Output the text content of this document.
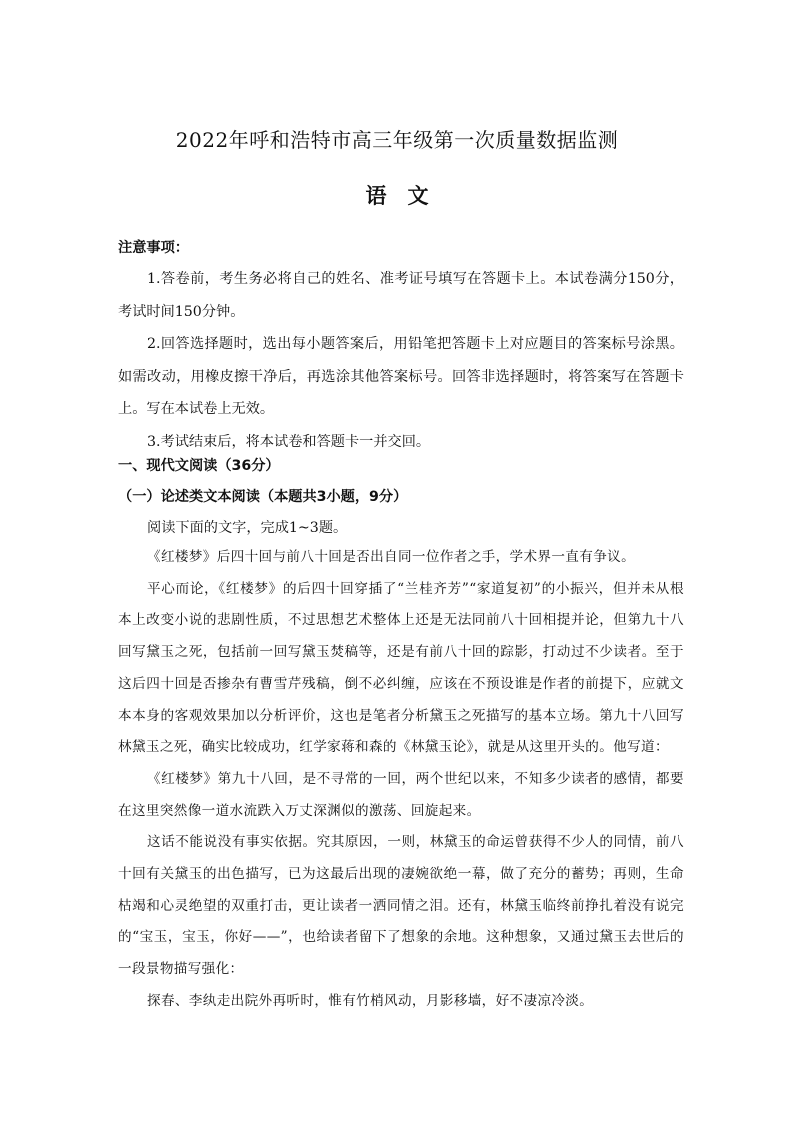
2022年呼和浩特市高三年级第一次质量数据监测
语　文
注意事项：

1.答卷前，考生务必将自己的姓名、准考证号填写在答题卡上。本试卷满分150分，考试时间150分钟。

2.回答选择题时，选出每小题答案后，用铅笔把答题卡上对应题目的答案标号涂黑。如需改动，用橡皮擦干净后，再选涂其他答案标号。回答非选择题时，将答案写在答题卡上。写在本试卷上无效。

3.考试结束后，将本试卷和答题卡一并交回。

一、现代文阅读（36分）
（一）论述类文本阅读（本题共3小题，9分）
阅读下面的文字，完成1~3题。

《红楼梦》后四十回与前八十回是否出自同一位作者之手，学术界一直有争议。

平心而论，《红楼梦》的后四十回穿插了“兰桂齐芳”“家道复初”的小振兴，但并未从根本上改变小说的悲剧性质，不过思想艺术整体上还是无法同前八十回相提并论，但第九十八回写黛玉之死，包括前一回写黛玉焚稿等，还是有前八十回的踪影，打动过不少读者。至于这后四十回是否掺杂有曹雪芹残稿，倒不必纠缠，应该在不预设谁是作者的前提下，应就文本本身的客观效果加以分析评价，这也是笔者分析黛玉之死描写的基本立场。第九十八回写林黛玉之死，确实比较成功，红学家蒋和森的《林黛玉论》，就是从这里开头的。他写道：

《红楼梦》第九十八回，是不寻常的一回，两个世纪以来，不知多少读者的感情，都要在这里突然像一道水流跌入万丈深渊似的激荡、回旋起来。

这话不能说没有事实依据。究其原因，一则，林黛玉的命运曾获得不少人的同情，前八十回有关黛玉的出色描写，已为这最后出现的凄婉欲绝一幕，做了充分的蓄势；再则，生命枯竭和心灵绝望的双重打击，更让读者一洒同情之泪。还有，林黛玉临终前挣扎着没有说完的“宝玉，宝玉，你好——”，也给读者留下了想象的余地。这种想象，又通过黛玉去世后的一段景物描写强化：

探春、李纨走出院外再听时，惟有竹梢风动，月影移墙，好不凄凉冷淡。
